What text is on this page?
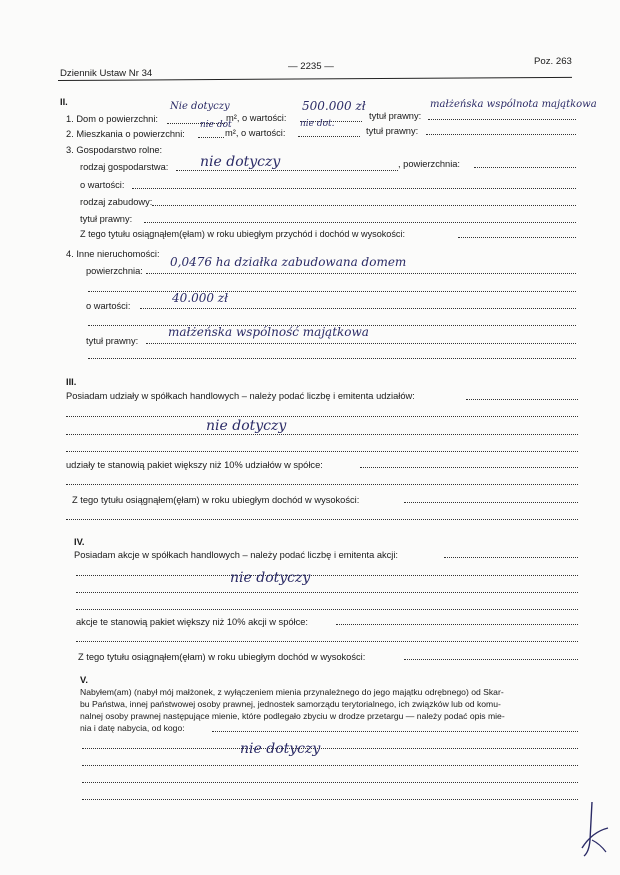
Dziennik Ustaw Nr 34
— 2235 —	Poz. 263
II.
1. Dom o powierzchni:
Nie dotyczy
m², o wartości:
500.000 zł
tytuł prawny:
małżeńska wspólnota majątkowa
2. Mieszkania o powierzchni:
nie dot
m², o wartości:
nie dot.
tytuł prawny:
3. Gospodarstwo rolne:
rodzaj gospodarstwa: nie dotyczy	, powierzchnia:
o wartości:
rodzaj zabudowy:
tytuł prawny:
Z tego tytułu osiągnąłem(ęłam) w roku ubiegłym przychód i dochód w wysokości:
4. Inne nieruchomości:
powierzchnia:
0,0476 ha działka zabudowana domem
o wartości:
40.000 zł
tytuł prawny:
małżeńska wspólność majątkowa
III.
Posiadam udziały w spółkach handlowych – należy podać liczbę i emitenta udziałów:
nie dotyczy
udziały te stanowią pakiet większy niż 10% udziałów w spółce:
Z tego tytułu osiągnąłem(ęłam) w roku ubiegłym dochód w wysokości:
IV.
Posiadam akcje w spółkach handlowych – należy podać liczbę i emitenta akcji:
nie dotyczy
akcje te stanowią pakiet większy niż 10% akcji w spółce:
Z tego tytułu osiągnąłem(ęłam) w roku ubiegłym dochód w wysokości:
V.
Nabyłem(am) (nabył mój małżonek, z wyłączeniem mienia przynależnego do jego majątku odrębnego) od Skar-
bu Państwa, innej państwowej osoby prawnej, jednostek samorządu terytorialnego, ich związków lub od komu-
nalnej osoby prawnej następujące mienie, które podlegało zbyciu w drodze przetargu — należy podać opis mie-
nia i datę nabycia, od kogo:
nie dotyczy
